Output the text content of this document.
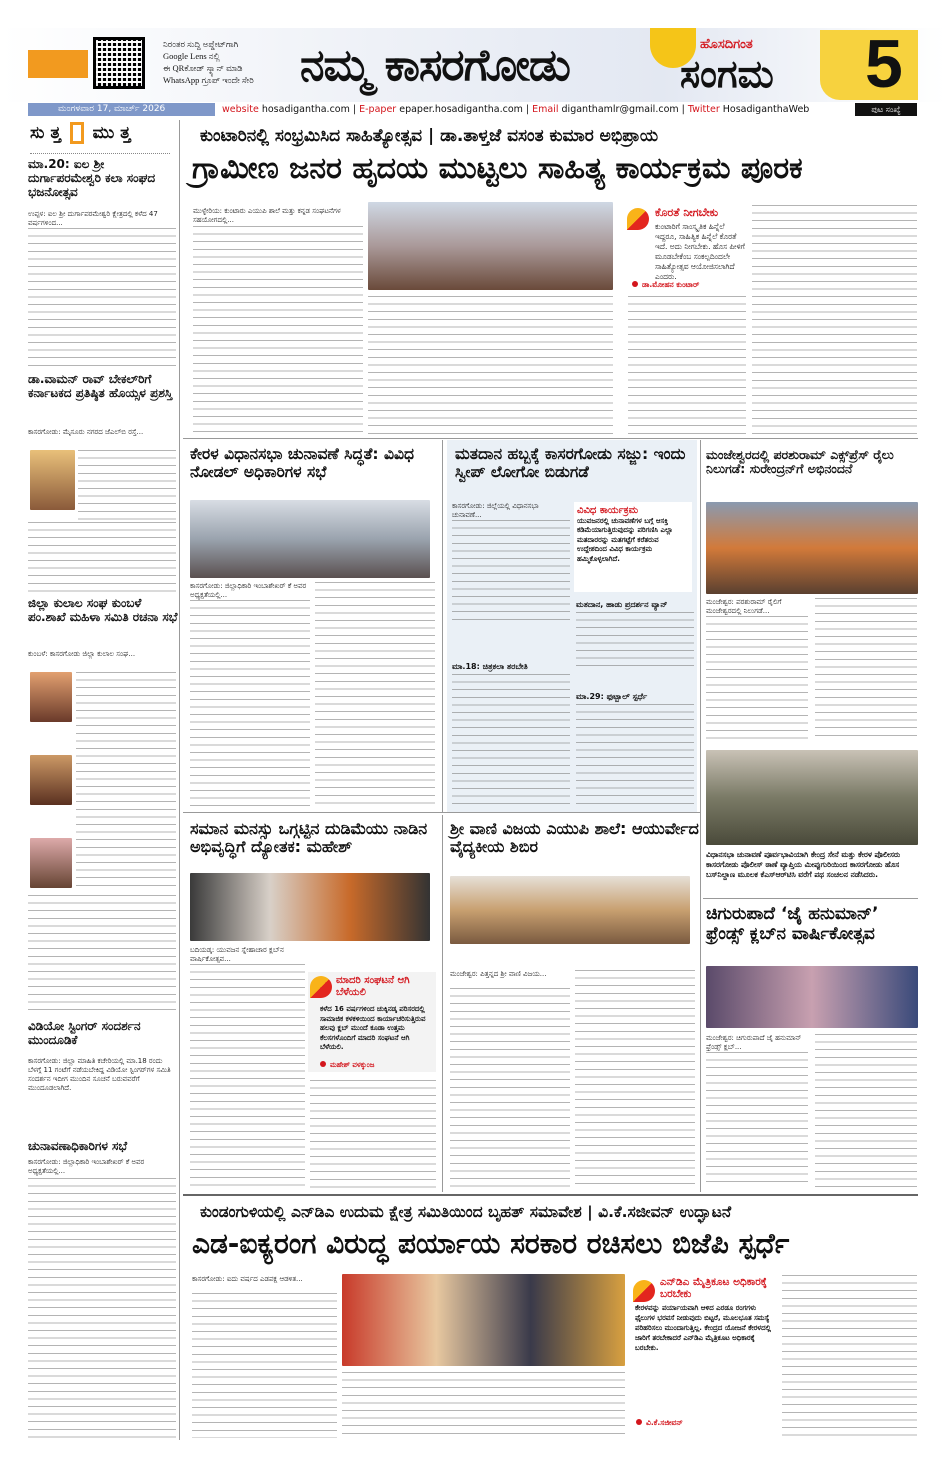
ನಿರಂತರ ಸುದ್ದಿ ಅಪ್ಡೇಟ್‌ಗಾಗಿ
Google Lens ನಲ್ಲಿ
ಈ QRಕೋಡ್ ಸ್ಕ್ಯಾನ್ ಮಾಡಿ
WhatsApp ಗ್ರೂಪ್ ಇಂದೇ ಸೇರಿ	ನಮ್ಮ ಕಾಸರಗೋಡು	ಹೊಸದಿಗಂತ
ಸಂಗಮ 5
ಮಂಗಳವಾರ 17, ಮಾರ್ಚ್ 2026	website hosadigantha.com | E-paper epaper.hosadigantha.com | Email diganthamlr@gmail.com | Twitter HosadiganthaWeb	ಪುಟ ಸಂಖ್ಯೆ
ಸು ತ್ತ ಮು ತ್ತ
ಮಾ.20: ಐಲ ಶ್ರೀ ದುರ್ಗಾಪರಮೇಶ್ವರಿ ಕಲಾ ಸಂಘದ ಭಜನೋತ್ಸವ
ಉಪ್ಪಳ: ಐಲ ಶ್ರೀ ದುರ್ಗಾಪರಮೇಶ್ವರಿ ಕ್ಷೇತ್ರದಲ್ಲಿ ಕಳೆದ 47 ವರ್ಷಗಳಿಂದ...
ಡಾ.ವಾಮನ್ ರಾವ್ ಬೇಕಲ್‌ರಿಗೆ ಕರ್ನಾಟಕದ ಪ್ರತಿಷ್ಠಿತ ಹೊಯ್ಸಳ ಪ್ರಶಸ್ತಿ
ಕಾಸರಗೋಡು: ಮೈಸೂರು ನಗರದ ಜೆಎಲ್‌ಬಿ ರಸ್ತೆ...
ಜಿಲ್ಲಾ ಕುಲಾಲ ಸಂಘ ಕುಂಬಳೆ ಪಂ.ಶಾಖೆ ಮಹಿಳಾ ಸಮಿತಿ ರಚನಾ ಸಭೆ
ಕುಂಬಳೆ: ಕಾಸರಗೋಡು ಜಿಲ್ಲಾ ಕುಲಾಲ ಸಂಘ...
ವಿಡಿಯೋ ಸ್ಟಿಂಗರ್ ಸಂದರ್ಶನ ಮುಂದೂಡಿಕೆ
ಕಾಸರಗೋಡು: ಜಿಲ್ಲಾ ಮಾಹಿತಿ ಕಚೇರಿಯಲ್ಲಿ ಮಾ.18 ರಂದು ಬೆಳಗ್ಗೆ 11 ಗಂಟೆಗೆ ನಡೆಯಬೇಕಿದ್ದ ವಿಡಿಯೋ ಸ್ಟಿಂಗರ್‌ಗಳ ಸಮಿತಿ ಸಂದರ್ಶನ ಇದೀಗ ಮುಂದಿನ ಸೂಚನೆ ಬರುವವರೆಗೆ ಮುಂದೂಡಲಾಗಿದೆ.
ಚುನಾವಣಾಧಿಕಾರಿಗಳ ಸಭೆ
ಕಾಸರಗೋಡು: ಜಿಲ್ಲಾಧಿಕಾರಿ ಇಂಬಾಶೇಖರ್ ಕೆ ಅವರ ಅಧ್ಯಕ್ಷತೆಯಲ್ಲಿ...
ಕುಂಟಾರಿನಲ್ಲಿ ಸಂಭ್ರಮಿಸಿದ ಸಾಹಿತ್ಯೋತ್ಸವ | ಡಾ.ತಾಳ್ತಜೆ ವಸಂತ ಕುಮಾರ ಅಭಿಪ್ರಾಯ
ಗ್ರಾಮೀಣ ಜನರ ಹೃದಯ ಮುಟ್ಟಲು ಸಾಹಿತ್ಯ ಕಾರ್ಯಕ್ರಮ ಪೂರಕ
ಮುಳ್ಳೇರಿಯ: ಕುಂಟಾರು ಎಯುಪಿ ಶಾಲೆ ಮತ್ತು ಕನ್ನಡ ಸಂಘಟನೆಗಳ ಸಹಯೋಗದಲ್ಲಿ...
ಕೊರತೆ ನೀಗಬೇಕು
ಕುಂಟಾರಿಗೆ ಸಾಂಸ್ಕೃತಿಕ ಹಿನ್ನೆಲೆ ಇದ್ದರೂ, ಸಾಹಿತ್ಯಿಕ ಹಿನ್ನೆಲೆ ಕೊರತೆ ಇದೆ. ಅದು ನೀಗಬೇಕು. ಹೊಸ ಪೀಳಿಗೆ ಮೂಡಬೇಕೆಂಬ ಸಂಕಲ್ಪದಿಂದಲೇ ಸಾಹಿತ್ಯೋತ್ಸವ ಆಯೋಜಿಸಲಾಗಿದೆ ಎಂದರು.
ಡಾ.ಮೋಹನ ಕುಂಟಾರ್
ಕೇರಳ ವಿಧಾನಸಭಾ ಚುನಾವಣೆ ಸಿದ್ಧತೆ: ವಿವಿಧ ನೋಡಲ್ ಅಧಿಕಾರಿಗಳ ಸಭೆ
ಕಾಸರಗೋಡು: ಜಿಲ್ಲಾಧಿಕಾರಿ ಇಂಬಾಶೇಖರ್ ಕೆ ಅವರ ಅಧ್ಯಕ್ಷತೆಯಲ್ಲಿ...
ಮತದಾನ ಹಬ್ಬಕ್ಕೆ ಕಾಸರಗೋಡು ಸಜ್ಜು: ಇಂದು ಸ್ವೀಪ್ ಲೋಗೋ ಬಿಡುಗಡೆ
ಕಾಸರಗೋಡು: ಜಿಲ್ಲೆಯಲ್ಲಿ ವಿಧಾನಸಭಾ ಚುನಾವಣೆ...	ವಿವಿಧ ಕಾರ್ಯಕ್ರಮ
ಯುವಜನರಲ್ಲಿ ಚುನಾವಣೆಗಳ ಬಗ್ಗೆ ಆಸಕ್ತಿ ಕಡಿಮೆಯಾಗುತ್ತಿರುವುದನ್ನು ಪರಿಗಣಿಸಿ ಎಲ್ಲಾ ಮತದಾರರನ್ನು ಮತಗಟ್ಟೆಗೆ ಕರೆತರುವ ಉದ್ದೇಶದಿಂದ ವಿವಿಧ ಕಾರ್ಯಕ್ರಮ ಹಮ್ಮಿಕೊಳ್ಳಲಾಗಿದೆ.
ಮಾ.18: ಚಿತ್ರಕಲಾ ತರಬೇತಿ
ಮತದಾನ, ಹಾಡು ಪ್ರದರ್ಶನ ವ್ಯಾನ್
ಮಾ.29: ಫುಟ್ಬಾಲ್ ಸ್ಪರ್ಧೆ
ಮಂಜೇಶ್ವರದಲ್ಲಿ ಪರಶುರಾಮ್ ಎಕ್ಸ್‌ಪ್ರೆಸ್ ರೈಲು ನಿಲುಗಡೆ: ಸುರೇಂದ್ರನ್‌ಗೆ ಅಭಿನಂದನೆ
ಮಂಜೇಶ್ವರ: ಪರಶುರಾಮ್ ರೈಲಿಗೆ ಮಂಜೇಶ್ವರದಲ್ಲಿ ನಿಲುಗಡೆ...
ವಿಧಾನಸಭಾ ಚುನಾವಣೆ ಪೂರ್ವಭಾವಿಯಾಗಿ ಕೇಂದ್ರ ಸೇನೆ ಮತ್ತು ಕೇರಳ ಪೊಲೀಸರು ಕಾಸರಗೋಡು ಪೊಲೀಸ್ ಠಾಣೆ ವ್ಯಾಪ್ತಿಯ ಮೀಪ್ಪುಗುರಿಯಿಂದ ಕಾಸರಗೋಡು ಹೊಸ ಬಸ್‌ನಿಲ್ದಾಣ ಮೂಲಕ ಕೆಎಸ್‌ಆರ್‌ಟಿಸಿ ವರೆಗೆ ಪಥ ಸಂಚಲನ ನಡೆಸಿದರು.
ಸಮಾನ ಮನಸ್ಸು ಒಗ್ಗಟ್ಟಿನ ದುಡಿಮೆಯು ನಾಡಿನ ಅಭಿವೃದ್ಧಿಗೆ ದ್ಯೋತಕ: ಮಹೇಶ್
ಬದಿಯಡ್ಕ: ಯುವಜನ ಸ್ನೇಹಾಚಾರ ಕ್ಲಬ್‌ನ ವಾರ್ಷಿಕೋತ್ಸವ...
ಮಾದರಿ ಸಂಘಟನೆ ಆಗಿ ಬೆಳೆಯಲಿ
ಕಳೆದ 16 ವರ್ಷಗಳಿಂದ ಚುಕ್ಕಿನಡ್ಕ ಪರಿಸರದಲ್ಲಿ ಸಾಮಾಜಿಕ ಕಳಕಳಿಯಿಂದ ಕಾರ್ಯಾಚರಿಸುತ್ತಿರುವ ಹಲವು ಕ್ಲಬ್ ಮುಂದೆ ಕೂಡಾ ಉತ್ತಮ ಕೆಲಸಗಳೊಂದಿಗೆ ಮಾದರಿ ಸಂಘಟನೆ ಆಗಿ ಬೆಳೆಯಲಿ.
ಮಹೇಶ್ ವಳಕ್ಕುಂಜ
ಶ್ರೀ ವಾಣಿ ವಿಜಯ ಎಯುಪಿ ಶಾಲೆ: ಆಯುರ್ವೇದ ವೈದ್ಯಕೀಯ ಶಿಬಿರ
ಮಂಜೇಶ್ವರ: ಪಿತ್ತನ್ನದ ಶ್ರೀ ವಾಣಿ ವಿಜಯ...
ಚಿಗುರುಪಾದೆ ‘ಜೈ ಹನುಮಾನ್’ ಫ್ರೆಂಡ್ಸ್ ಕ್ಲಬ್‌ನ ವಾರ್ಷಿಕೋತ್ಸವ
ಮಂಜೇಶ್ವರ: ಚಿಗುರುಪಾದೆ ಜೈ ಹನುಮಾನ್ ಫ್ರೆಂಡ್ಸ್ ಕ್ಲಬ್...
ಕುಂಡಂಗುಳಿಯಲ್ಲಿ ಎನ್‌ಡಿಎ ಉದುಮ ಕ್ಷೇತ್ರ ಸಮಿತಿಯಿಂದ ಬೃಹತ್ ಸಮಾವೇಶ | ವಿ.ಕೆ.ಸಜೀವನ್ ಉದ್ಘಾಟನೆ
ಎಡ-ಐಕ್ಯರಂಗ ವಿರುದ್ಧ ಪರ್ಯಾಯ ಸರಕಾರ ರಚಿಸಲು ಬಿಜೆಪಿ ಸ್ಪರ್ಧೆ
ಕಾಸರಗೋಡು: ಐದು ವರ್ಷದ ಎಡಪಕ್ಷ ಆಡಳಿತ...	ಎನ್‌ಡಿಎ ಮೈತ್ರಿಕೂಟ ಅಧಿಕಾರಕ್ಕೆ ಬರಬೇಕು
ಕೇರಳವನ್ನು ಪರ್ಯಾಯವಾಗಿ ಆಳಿದ ಎರಡೂ ರಂಗಗಳು ಫೈಲುಗಳ ಭರವಸೆ ನೀಡುವುದು ಬಿಟ್ಟರೆ, ಮೂಲಭೂತ ಸಮಸ್ಯೆ ಪರಿಹರಿಸಲು ಮುಂದಾಗುತ್ತಿಲ್ಲ. ಕೇಂದ್ರದ ಯೋಜನೆ ಕೇರಳದಲ್ಲಿ ಜಾರಿಗೆ ತರಬೇಕಾದರೆ ಎನ್‌ಡಿಎ ಮೈತ್ರಿಕೂಟ ಅಧಿಕಾರಕ್ಕೆ ಬರಬೇಕು.
ವಿ.ಕೆ.ಸಜೀವನ್
